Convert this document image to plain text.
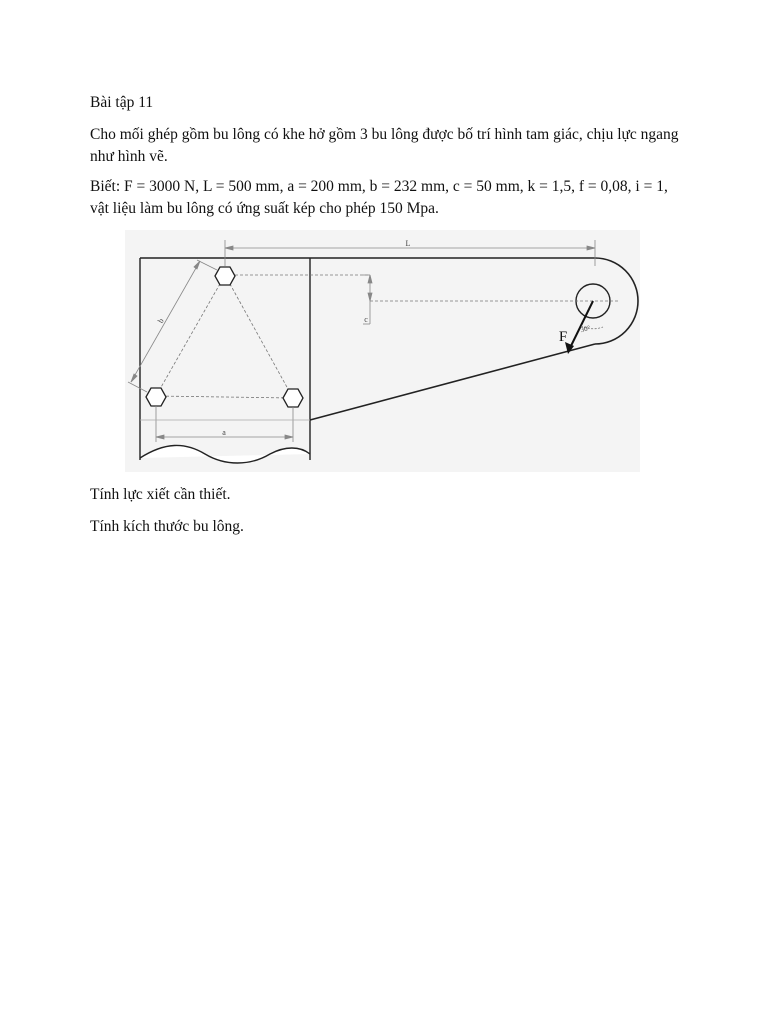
Bài tập 11

Cho mối ghép gồm bu lông có khe hở gồm 3 bu lông được bố trí hình tam giác, chịu lực ngang như hình vẽ.

Biết: F = 3000 N, L = 500 mm, a = 200 mm, b = 232 mm, c = 50 mm, k = 1,5, f = 0,08, i = 1, vật liệu làm bu lông có ứng suất kép cho phép 150 Mpa.

L
a
b	c
F 30°

Tính lực xiết cần thiết.

Tính kích thước bu lông.
